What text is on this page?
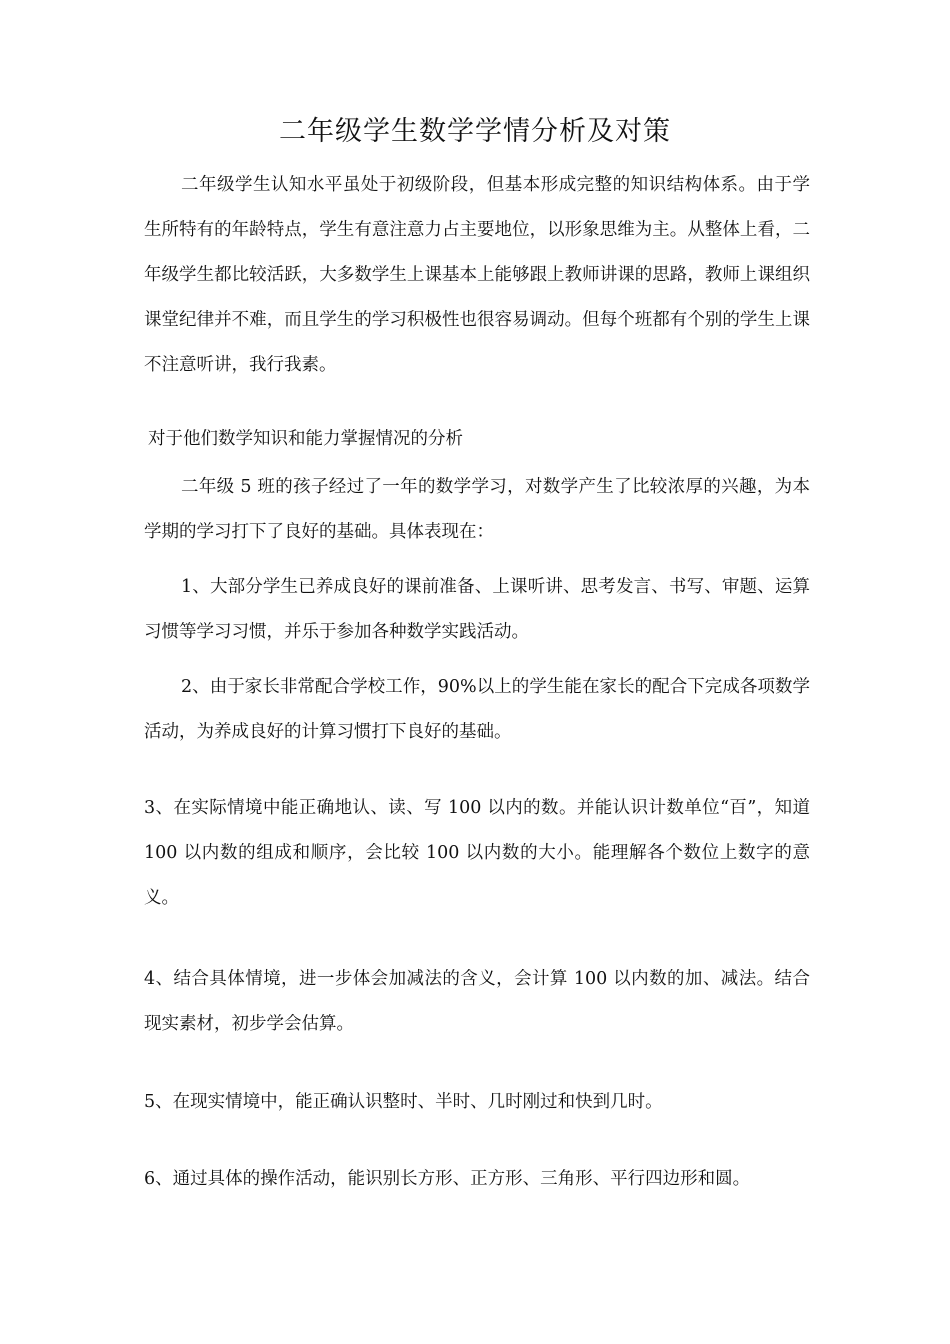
二年级学生数学学情分析及对策

二年级学生认知水平虽处于初级阶段，但基本形成完整的知识结构体系。由于学生所特有的年龄特点，学生有意注意力占主要地位，以形象思维为主。从整体上看，二年级学生都比较活跃，大多数学生上课基本上能够跟上教师讲课的思路，教师上课组织课堂纪律并不难，而且学生的学习积极性也很容易调动。但每个班都有个别的学生上课不注意听讲，我行我素。

对于他们数学知识和能力掌握情况的分析

二年级 5 班的孩子经过了一年的数学学习，对数学产生了比较浓厚的兴趣，为本学期的学习打下了良好的基础。具体表现在：

1、大部分学生已养成良好的课前准备、上课听讲、思考发言、书写、审题、运算习惯等学习习惯，并乐于参加各种数学实践活动。

2、由于家长非常配合学校工作，90%以上的学生能在家长的配合下完成各项数学活动，为养成良好的计算习惯打下良好的基础。

3、在实际情境中能正确地认、读、写 100 以内的数。并能认识计数单位“百”，知道 100 以内数的组成和顺序，会比较 100 以内数的大小。能理解各个数位上数字的意义。

4、结合具体情境，进一步体会加减法的含义，会计算 100 以内数的加、减法。结合现实素材，初步学会估算。

5、在现实情境中，能正确认识整时、半时、几时刚过和快到几时。

6、通过具体的操作活动，能识别长方形、正方形、三角形、平行四边形和圆。
